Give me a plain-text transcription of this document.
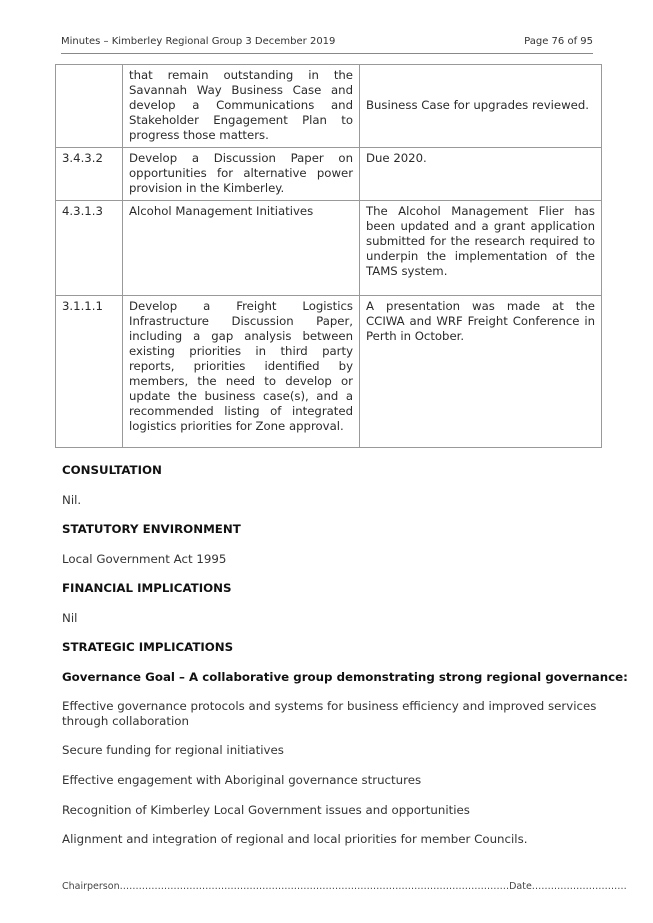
Minutes – Kimberley Regional Group 3 December 2019	Page 76 of 95
	that remain outstanding in the Savannah Way Business Case and develop a Communications and Stakeholder Engagement Plan to progress those matters.	Business Case for upgrades reviewed.
3.4.3.2	Develop a Discussion Paper on opportunities for alternative power provision in the Kimberley.	Due 2020.
4.3.1.3	Alcohol Management Initiatives	The Alcohol Management Flier has been updated and a grant application submitted for the research required to underpin the implementation of the TAMS system.
3.1.1.1	Develop a Freight Logistics Infrastructure Discussion Paper, including a gap analysis between existing priorities in third party reports, priorities identified by members, the need to develop or update the business case(s), and a recommended listing of integrated logistics priorities for Zone approval.	A presentation was made at the CCIWA and WRF Freight Conference in Perth in October.
CONSULTATION
Nil.
STATUTORY ENVIRONMENT
Local Government Act 1995
FINANCIAL IMPLICATIONS
Nil
STRATEGIC IMPLICATIONS
Governance Goal – A collaborative group demonstrating strong regional governance:
Effective governance protocols and systems for business efficiency and improved services through collaboration
Secure funding for regional initiatives
Effective engagement with Aboriginal governance structures
Recognition of Kimberley Local Government issues and opportunities
Alignment and integration of regional and local priorities for member Councils.
Chairperson……………………………………………………………………………………………………………Date…………………………
